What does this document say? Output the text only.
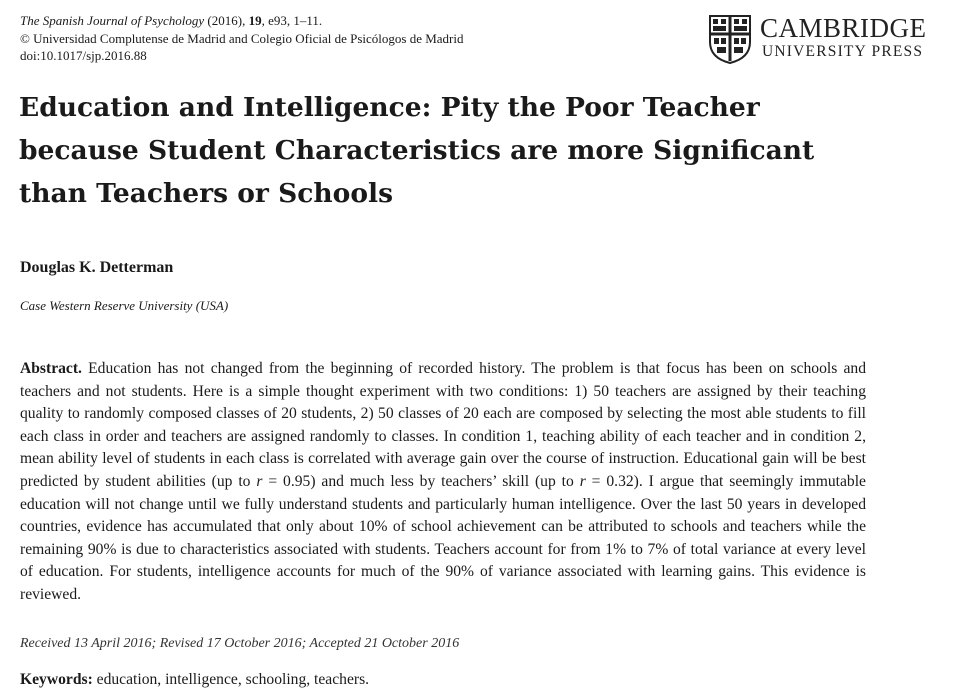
The Spanish Journal of Psychology (2016), 19, e93, 1–11.
© Universidad Complutense de Madrid and Colegio Oficial de Psicólogos de Madrid
doi:10.1017/sjp.2016.88
CAMBRIDGE
UNIVERSITY PRESS
Education and Intelligence: Pity the Poor Teacher
because Student Characteristics are more Significant
than Teachers or Schools

Douglas K. Detterman

Case Western Reserve University (USA)

Abstract. Education has not changed from the beginning of recorded history. The problem is that focus has been on schools and teachers and not students. Here is a simple thought experiment with two conditions: 1) 50 teachers are assigned by their teaching quality to randomly composed classes of 20 students, 2) 50 classes of 20 each are composed by selecting the most able students to fill each class in order and teachers are assigned randomly to classes. In condition 1, teaching ability of each teacher and in condition 2, mean ability level of students in each class is correlated with average gain over the course of instruction. Educational gain will be best predicted by student abilities (up to r = 0.95) and much less by teachers’ skill (up to r = 0.32). I argue that seemingly immutable education will not change until we fully understand students and particularly human intelligence. Over the last 50 years in developed countries, evidence has accumulated that only about 10% of school achievement can be attributed to schools and teachers while the remaining 90% is due to characteristics associated with students. Teachers account for from 1% to 7% of total variance at every level of education. For students, intelligence accounts for much of the 90% of variance associated with learning gains. This evidence is reviewed.

Received 13 April 2016; Revised 17 October 2016; Accepted 21 October 2016

Keywords: education, intelligence, schooling, teachers.
